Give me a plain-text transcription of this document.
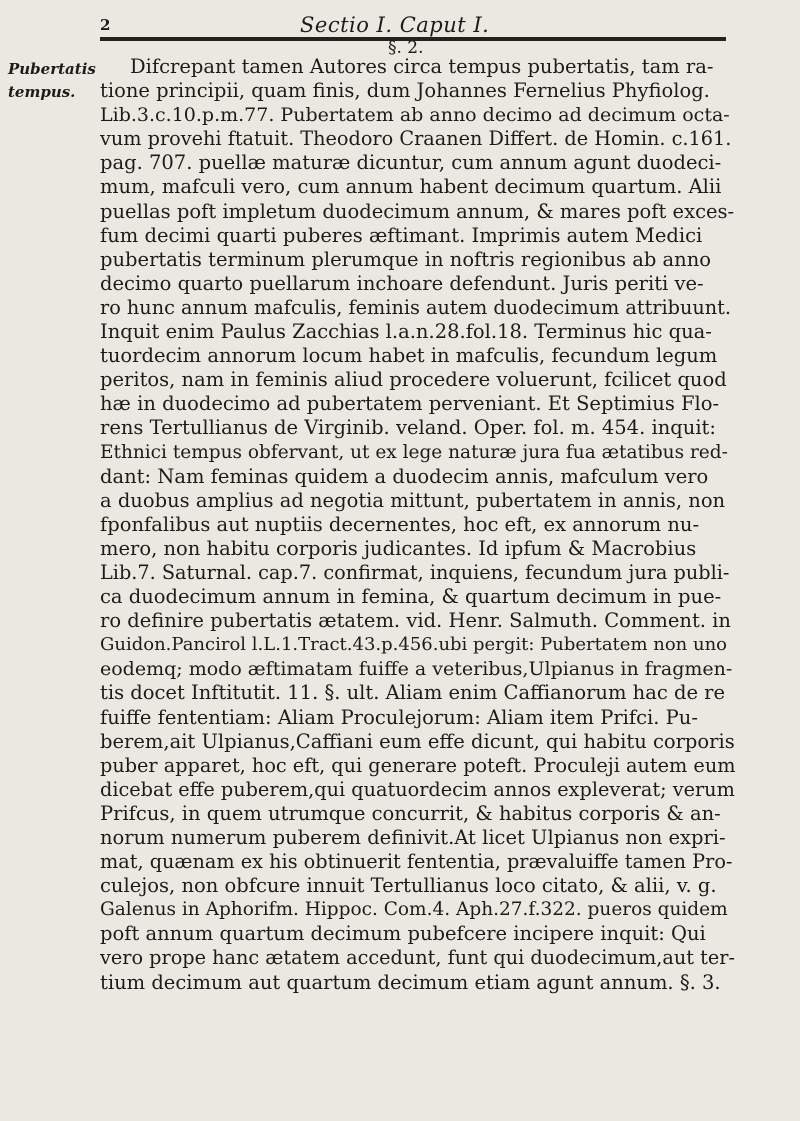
2	Sectio I. Caput I.
§. 2.
Pubertatis
tempus.
Difcrepant tamen Autores circa tempus pubertatis, tam ra-
tione principii, quam finis, dum Johannes Fernelius Phyfiolog.
Lib.3.c.10.p.m.77. Pubertatem ab anno decimo ad decimum octa-
vum provehi ftatuit. Theodoro Craanen Differt. de Homin. c.161.
pag. 707. puellæ maturæ dicuntur, cum annum agunt duodeci-
mum, mafculi vero, cum annum habent decimum quartum. Alii
puellas poft impletum duodecimum annum, & mares poft exces-
fum decimi quarti puberes æftimant. Imprimis autem Medici
pubertatis terminum plerumque in noftris regionibus ab anno
decimo quarto puellarum inchoare defendunt. Juris periti ve-
ro hunc annum mafculis, feminis autem duodecimum attribuunt.
Inquit enim Paulus Zacchias l.a.n.28.fol.18. Terminus hic qua-
tuordecim annorum locum habet in mafculis, fecundum legum
peritos, nam in feminis aliud procedere voluerunt, fcilicet quod
hæ in duodecimo ad pubertatem perveniant. Et Septimius Flo-
rens Tertullianus de Virginib. veland. Oper. fol. m. 454. inquit:
Ethnici tempus obfervant, ut ex lege naturæ jura fua ætatibus red-
dant: Nam feminas quidem a duodecim annis, mafculum vero
a duobus amplius ad negotia mittunt, pubertatem in annis, non
fponfalibus aut nuptiis decernentes, hoc eft, ex annorum nu-
mero, non habitu corporis judicantes. Id ipfum & Macrobius
Lib.7. Saturnal. cap.7. confirmat, inquiens, fecundum jura publi-
ca duodecimum annum in femina, & quartum decimum in pue-
ro definire pubertatis ætatem. vid. Henr. Salmuth. Comment. in
Guidon.Pancirol l.L.1.Tract.43.p.456.ubi pergit: Pubertatem non uno
eodemq; modo æftimatam fuiffe a veteribus,Ulpianus in fragmen-
tis docet Inftitutit. 11. §. ult. Aliam enim Caffianorum hac de re
fuiffe fententiam: Aliam Proculejorum: Aliam item Prifci. Pu-
berem,ait Ulpianus,Caffiani eum effe dicunt, qui habitu corporis
puber apparet, hoc eft, qui generare poteft. Proculeji autem eum
dicebat effe puberem,qui quatuordecim annos expleverat; verum
Prifcus, in quem utrumque concurrit, & habitus corporis & an-
norum numerum puberem definivit.At licet Ulpianus non expri-
mat, quænam ex his obtinuerit fententia, prævaluiffe tamen Pro-
culejos, non obfcure innuit Tertullianus loco citato, & alii, v. g.
Galenus in Aphorifm. Hippoc. Com.4. Aph.27.f.322. pueros quidem
poft annum quartum decimum pubefcere incipere inquit: Qui
vero prope hanc ætatem accedunt, funt qui duodecimum,aut ter-
tium decimum aut quartum decimum etiam agunt annum. §. 3.
